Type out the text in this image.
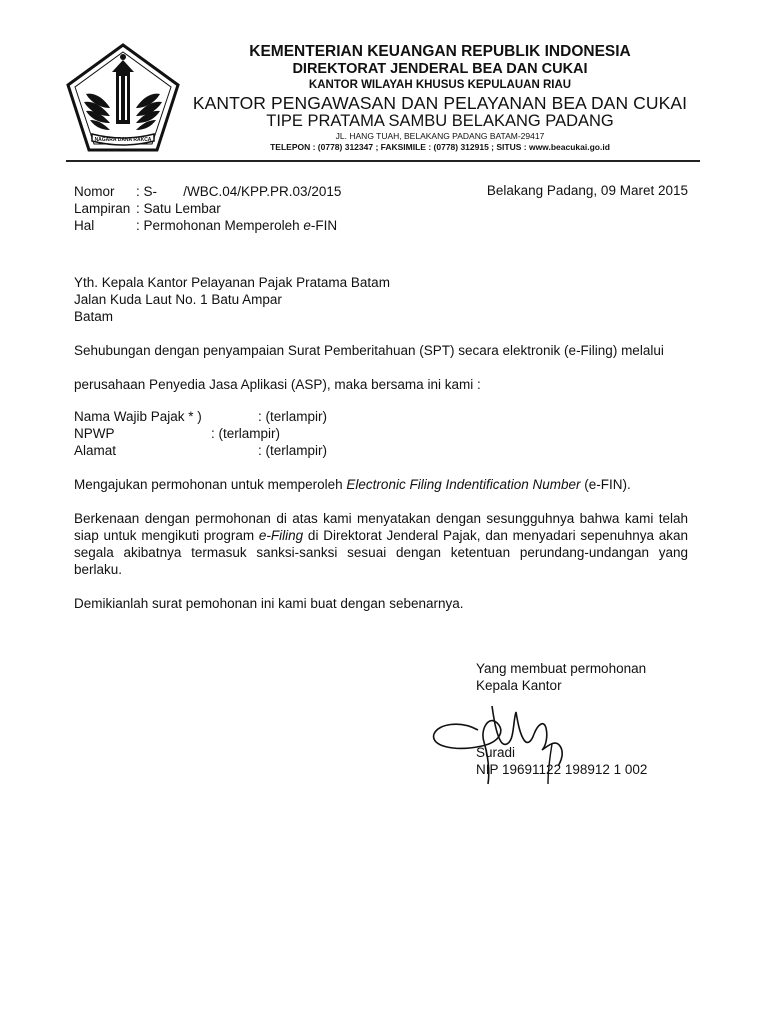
NAGARA DANA RAKCA
KEMENTERIAN KEUANGAN REPUBLIK INDONESIA
DIREKTORAT JENDERAL BEA DAN CUKAI
KANTOR WILAYAH KHUSUS KEPULAUAN RIAU
KANTOR PENGAWASAN DAN PELAYANAN BEA DAN CUKAI
TIPE PRATAMA SAMBU BELAKANG PADANG
JL. HANG TUAH, BELAKANG PADANG BATAM-29417
TELEPON : (0778) 312347 ; FAKSIMILE : (0778) 312915 ; SITUS : www.beacukai.go.id
Nomor : S-       /WBC.04/KPP.PR.03/2015	Belakang Padang, 09 Maret 2015
Lampiran : Satu Lembar
Hal	: Permohonan Memperoleh e-FIN
Yth. Kepala Kantor Pelayanan Pajak Pratama Batam
Jalan Kuda Laut No. 1 Batu Ampar
Batam
Sehubungan dengan penyampaian Surat Pemberitahuan (SPT) secara elektronik (e-Filing) melalui
perusahaan Penyedia Jasa Aplikasi (ASP), maka bersama ini kami :
Nama Wajib Pajak * )	: (terlampir)
NPWP	: (terlampir)
Alamat	: (terlampir)
Mengajukan permohonan untuk memperoleh Electronic Filing Indentification Number (e-FIN).
Berkenaan dengan permohonan di atas kami menyatakan dengan sesungguhnya bahwa kami telah siap untuk mengikuti program e-Filing di Direktorat Jenderal Pajak, dan menyadari sepenuhnya akan segala akibatnya termasuk sanksi-sanksi sesuai dengan ketentuan perundang-undangan yang berlaku.
Demikianlah surat pemohonan ini kami buat dengan sebenarnya.
Yang membuat permohonan
Kepala Kantor
Suradi
NIP 19691122 198912 1 002
